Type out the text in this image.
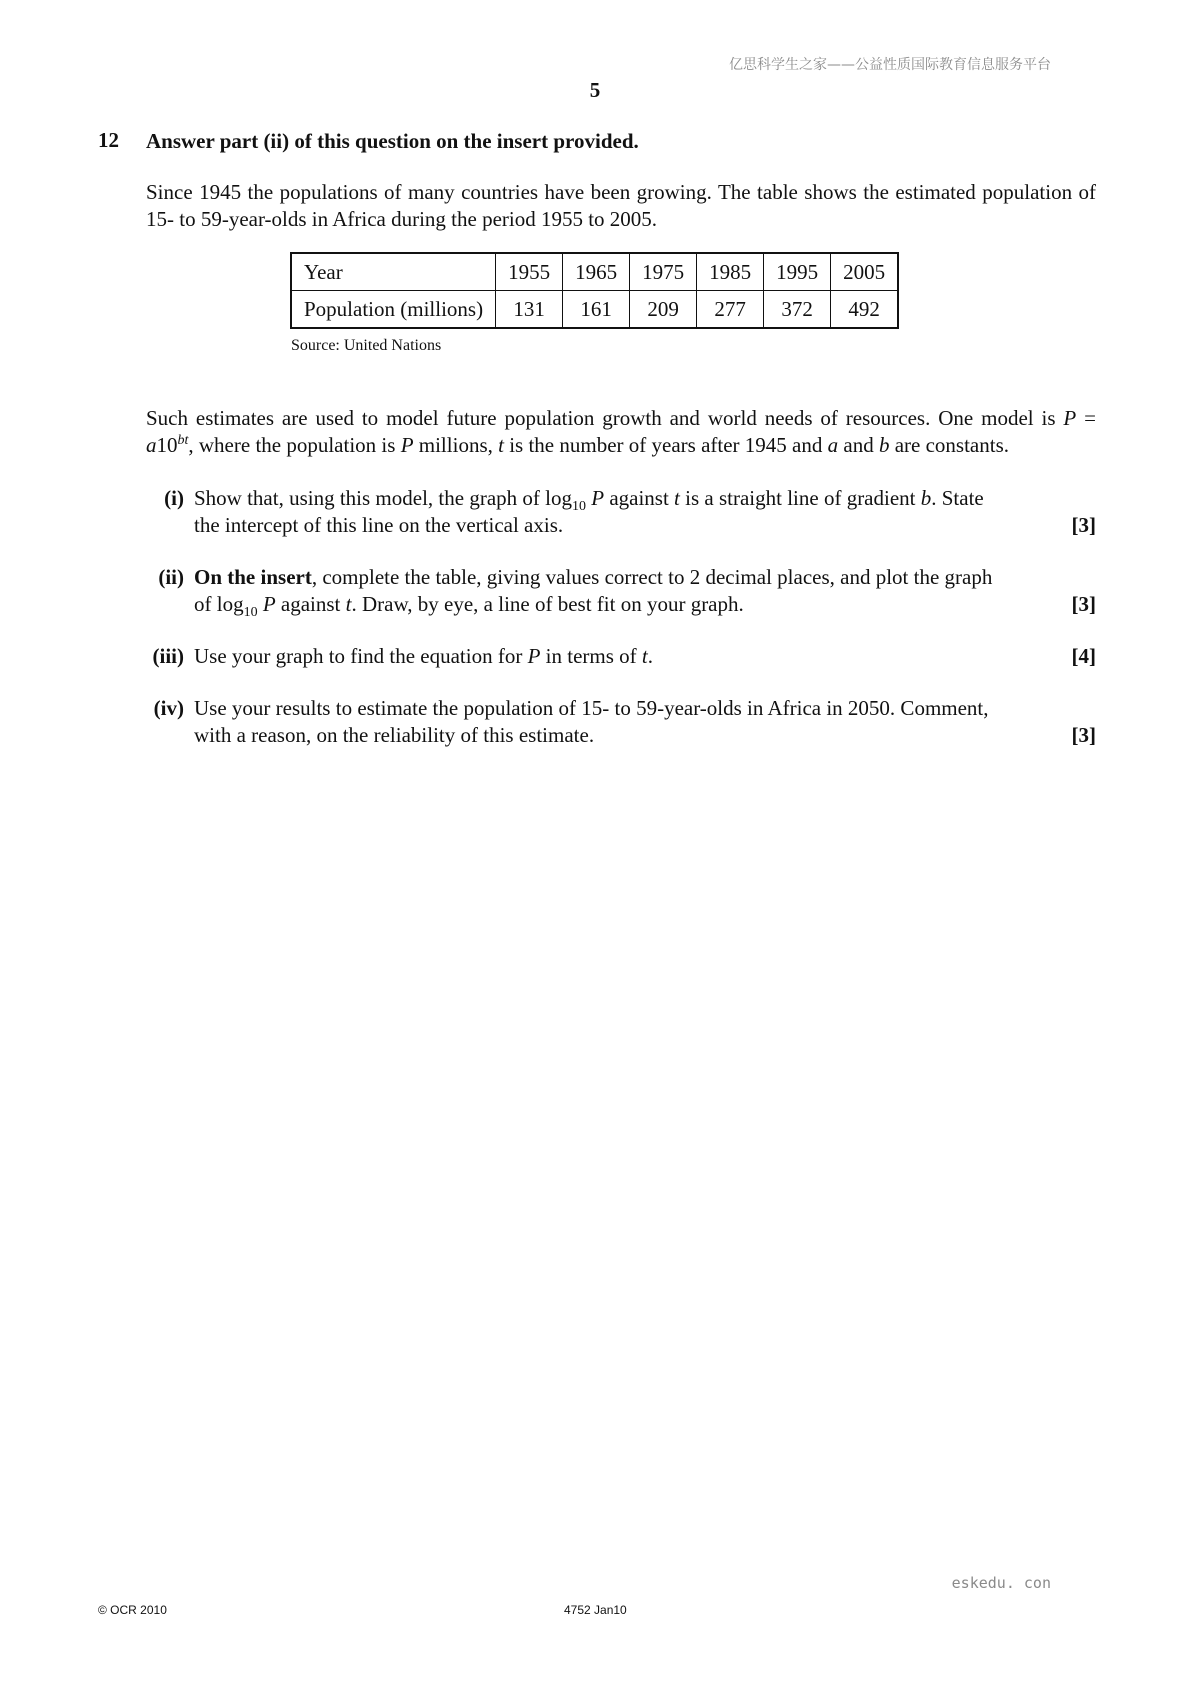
亿思科学生之家——公益性质国际教育信息服务平台
5
12 Answer part (ii) of this question on the insert provided.

Since 1945 the populations of many countries have been growing. The table shows the estimated population of 15- to 59-year-olds in Africa during the period 1955 to 2005.

Year	1955	1965	1975	1985	1995	2005
Population (millions)	131	161	209	277	372	492
Source: United Nations

Such estimates are used to model future population growth and world needs of resources. One model is $P = a10^{bt}$, where the population is P millions, t is the number of years after 1945 and a and b are constants.

(i) Show that, using this model, the graph of $\log_{10} P$ against t is a straight line of gradient b. State

the intercept of this line on the vertical axis.	[3]
(ii) On the insert, complete the table, giving values correct to 2 decimal places, and plot the graph

of $\log_{10} P$ against t. Draw, by eye, a line of best fit on your graph.	[3]
(iii) Use your graph to find the equation for P in terms of t.	[4]
(iv) Use your results to estimate the population of 15- to 59-year-olds in Africa in 2050. Comment,

with a reason, on the reliability of this estimate.	[3]
eskedu. con
© OCR 2010	4752 Jan10
